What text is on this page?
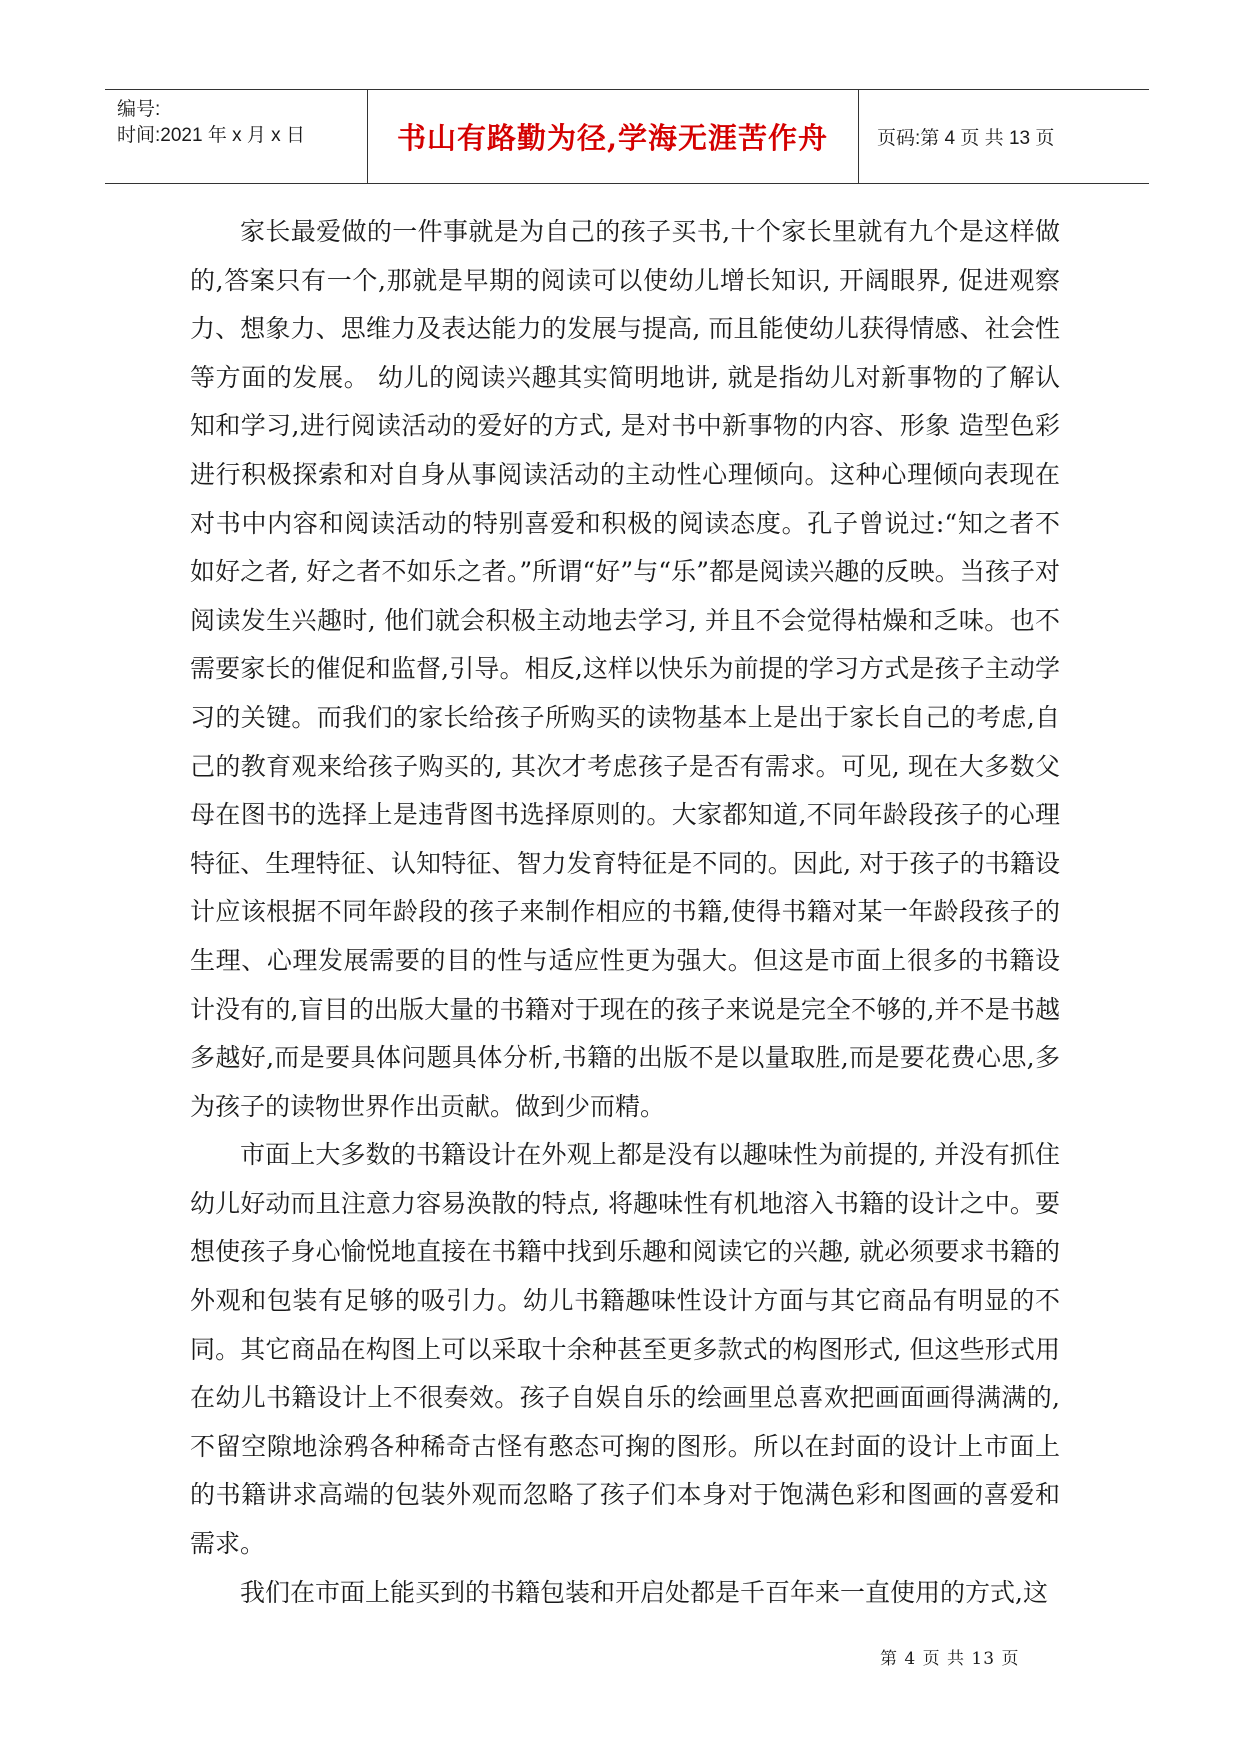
编号:
时间:2021 年 x 月 x 日	书山有路勤为径,学海无涯苦作舟	页码:第 4 页 共 13 页

家长最爱做的一件事就是为自己的孩子买书,十个家长里就有九个是这样做的,答案只有一个,那就是早期的阅读可以使幼儿增长知识, 开阔眼界, 促进观察力、想象力、思维力及表达能力的发展与提高, 而且能使幼儿获得情感、社会性等方面的发展。 幼儿的阅读兴趣其实简明地讲, 就是指幼儿对新事物的了解认知和学习,进行阅读活动的爱好的方式, 是对书中新事物的内容、形象 造型色彩进行积极探索和对自身从事阅读活动的主动性心理倾向。这种心理倾向表现在对书中内容和阅读活动的特别喜爱和积极的阅读态度。孔子曾说过:“知之者不如好之者, 好之者不如乐之者。”所谓“好”与“乐”都是阅读兴趣的反映。当孩子对阅读发生兴趣时, 他们就会积极主动地去学习, 并且不会觉得枯燥和乏味。也不需要家长的催促和监督,引导。相反,这样以快乐为前提的学习方式是孩子主动学习的关键。而我们的家长给孩子所购买的读物基本上是出于家长自己的考虑,自己的教育观来给孩子购买的, 其次才考虑孩子是否有需求。可见, 现在大多数父母在图书的选择上是违背图书选择原则的。大家都知道,不同年龄段孩子的心理特征、生理特征、认知特征、智力发育特征是不同的。因此, 对于孩子的书籍设计应该根据不同年龄段的孩子来制作相应的书籍,使得书籍对某一年龄段孩子的生理、心理发展需要的目的性与适应性更为强大。但这是市面上很多的书籍设计没有的,盲目的出版大量的书籍对于现在的孩子来说是完全不够的,并不是书越多越好,而是要具体问题具体分析,书籍的出版不是以量取胜,而是要花费心思,多为孩子的读物世界作出贡献。做到少而精。

市面上大多数的书籍设计在外观上都是没有以趣味性为前提的, 并没有抓住幼儿好动而且注意力容易涣散的特点, 将趣味性有机地溶入书籍的设计之中。要想使孩子身心愉悦地直接在书籍中找到乐趣和阅读它的兴趣, 就必须要求书籍的外观和包装有足够的吸引力。幼儿书籍趣味性设计方面与其它商品有明显的不同。其它商品在构图上可以采取十余种甚至更多款式的构图形式, 但这些形式用在幼儿书籍设计上不很奏效。孩子自娱自乐的绘画里总喜欢把画面画得满满的, 不留空隙地涂鸦各种稀奇古怪有憨态可掬的图形。所以在封面的设计上市面上的书籍讲求高端的包装外观而忽略了孩子们本身对于饱满色彩和图画的喜爱和需求。

我们在市面上能买到的书籍包装和开启处都是千百年来一直使用的方式,这

第 4 页 共 13 页
